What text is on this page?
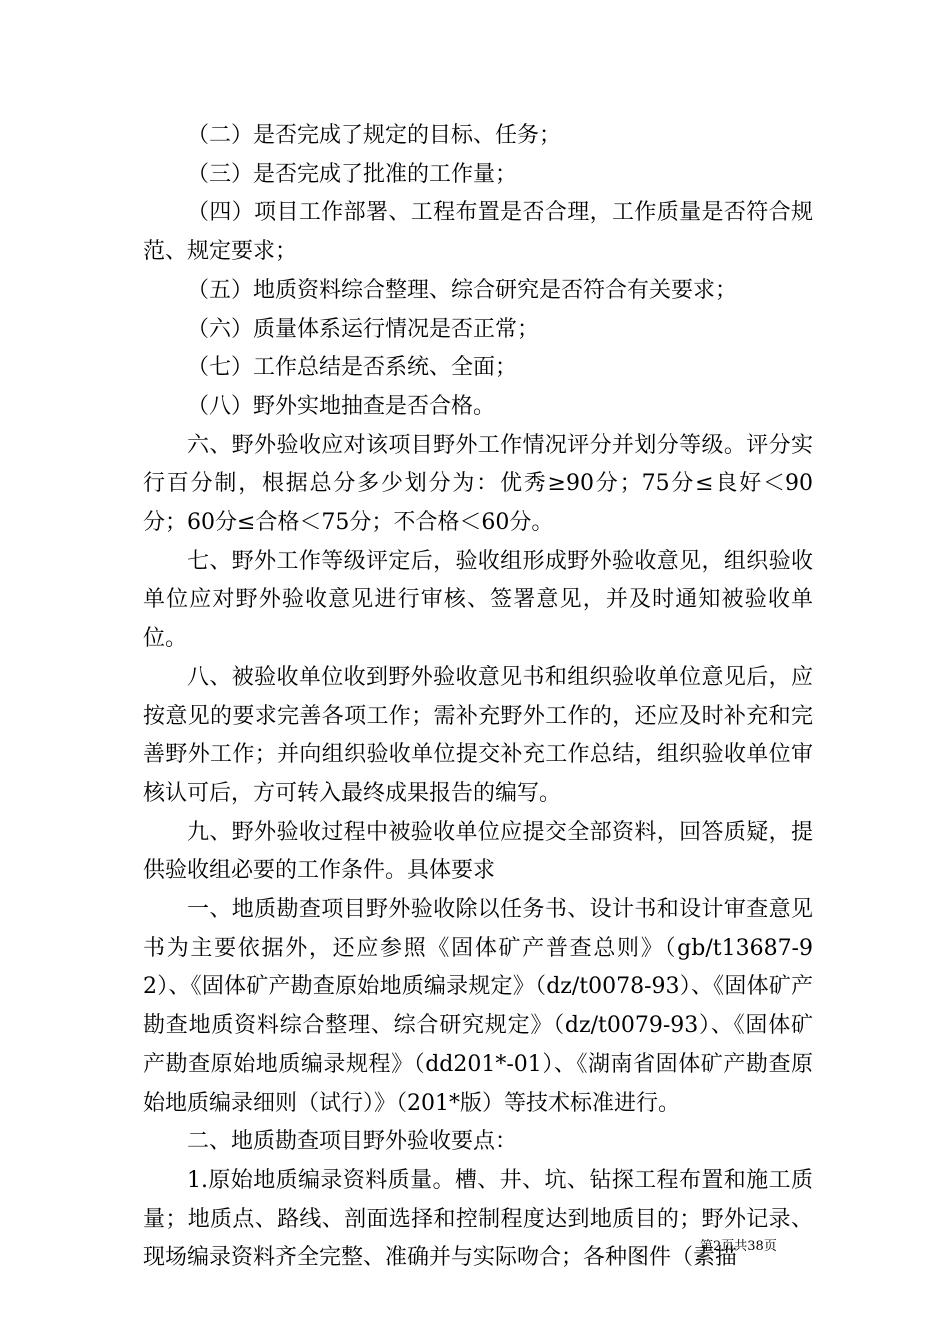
（二）是否完成了规定的目标、任务；

（三）是否完成了批准的工作量；

（四）项目工作部署、工程布置是否合理，工作质量是否符合规范、规定要求；

（五）地质资料综合整理、综合研究是否符合有关要求；

（六）质量体系运行情况是否正常；

（七）工作总结是否系统、全面；

（八）野外实地抽查是否合格。

六、野外验收应对该项目野外工作情况评分并划分等级。评分实行百分制，根据总分多少划分为：优秀≥90分；75分≤良好＜90分；60分≤合格＜75分；不合格＜60分。

七、野外工作等级评定后，验收组形成野外验收意见，组织验收单位应对野外验收意见进行审核、签署意见，并及时通知被验收单位。

八、被验收单位收到野外验收意见书和组织验收单位意见后，应按意见的要求完善各项工作；需补充野外工作的，还应及时补充和完善野外工作；并向组织验收单位提交补充工作总结，组织验收单位审核认可后，方可转入最终成果报告的编写。

九、野外验收过程中被验收单位应提交全部资料，回答质疑，提供验收组必要的工作条件。具体要求

一、地质勘查项目野外验收除以任务书、设计书和设计审查意见书为主要依据外，还应参照《固体矿产普查总则》（gb/t13687-92）、《固体矿产勘查原始地质编录规定》（dz/t0078-93）、《固体矿产勘查地质资料综合整理、综合研究规定》（dz/t0079-93）、《固体矿产勘查原始地质编录规程》（dd201*-01）、《湖南省固体矿产勘查原始地质编录细则（试行）》（201*版）等技术标准进行。

二、地质勘查项目野外验收要点：

1.原始地质编录资料质量。槽、井、坑、钻探工程布置和施工质量；地质点、路线、剖面选择和控制程度达到地质目的；野外记录、现场编录资料齐全完整、准确并与实际吻合；各种图件（素描

第2页共38页
